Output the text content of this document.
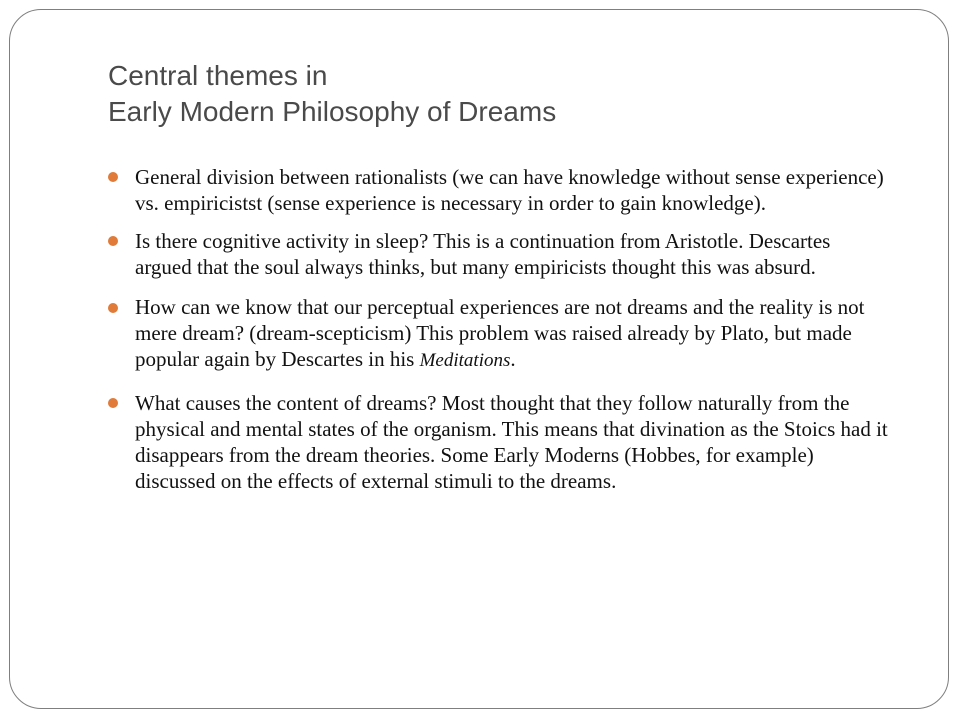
Central themes in
Early Modern Philosophy of Dreams
General division between rationalists (we can have knowledge without sense experience) vs. empiricistst (sense experience is necessary in order to gain knowledge).
Is there cognitive activity in sleep? This is a continuation from Aristotle. Descartes argued that the soul always thinks, but many empiricists thought this was absurd.
How can we know that our perceptual experiences are not dreams and the reality is not mere dream? (dream-scepticism) This problem was raised already by Plato, but made popular again by Descartes in his Meditations.
What causes the content of dreams? Most thought that they follow naturally from the physical and mental states of the organism. This means that divination as the Stoics had it disappears from the dream theories. Some Early Moderns (Hobbes, for example) discussed on the effects of external stimuli to the dreams.
